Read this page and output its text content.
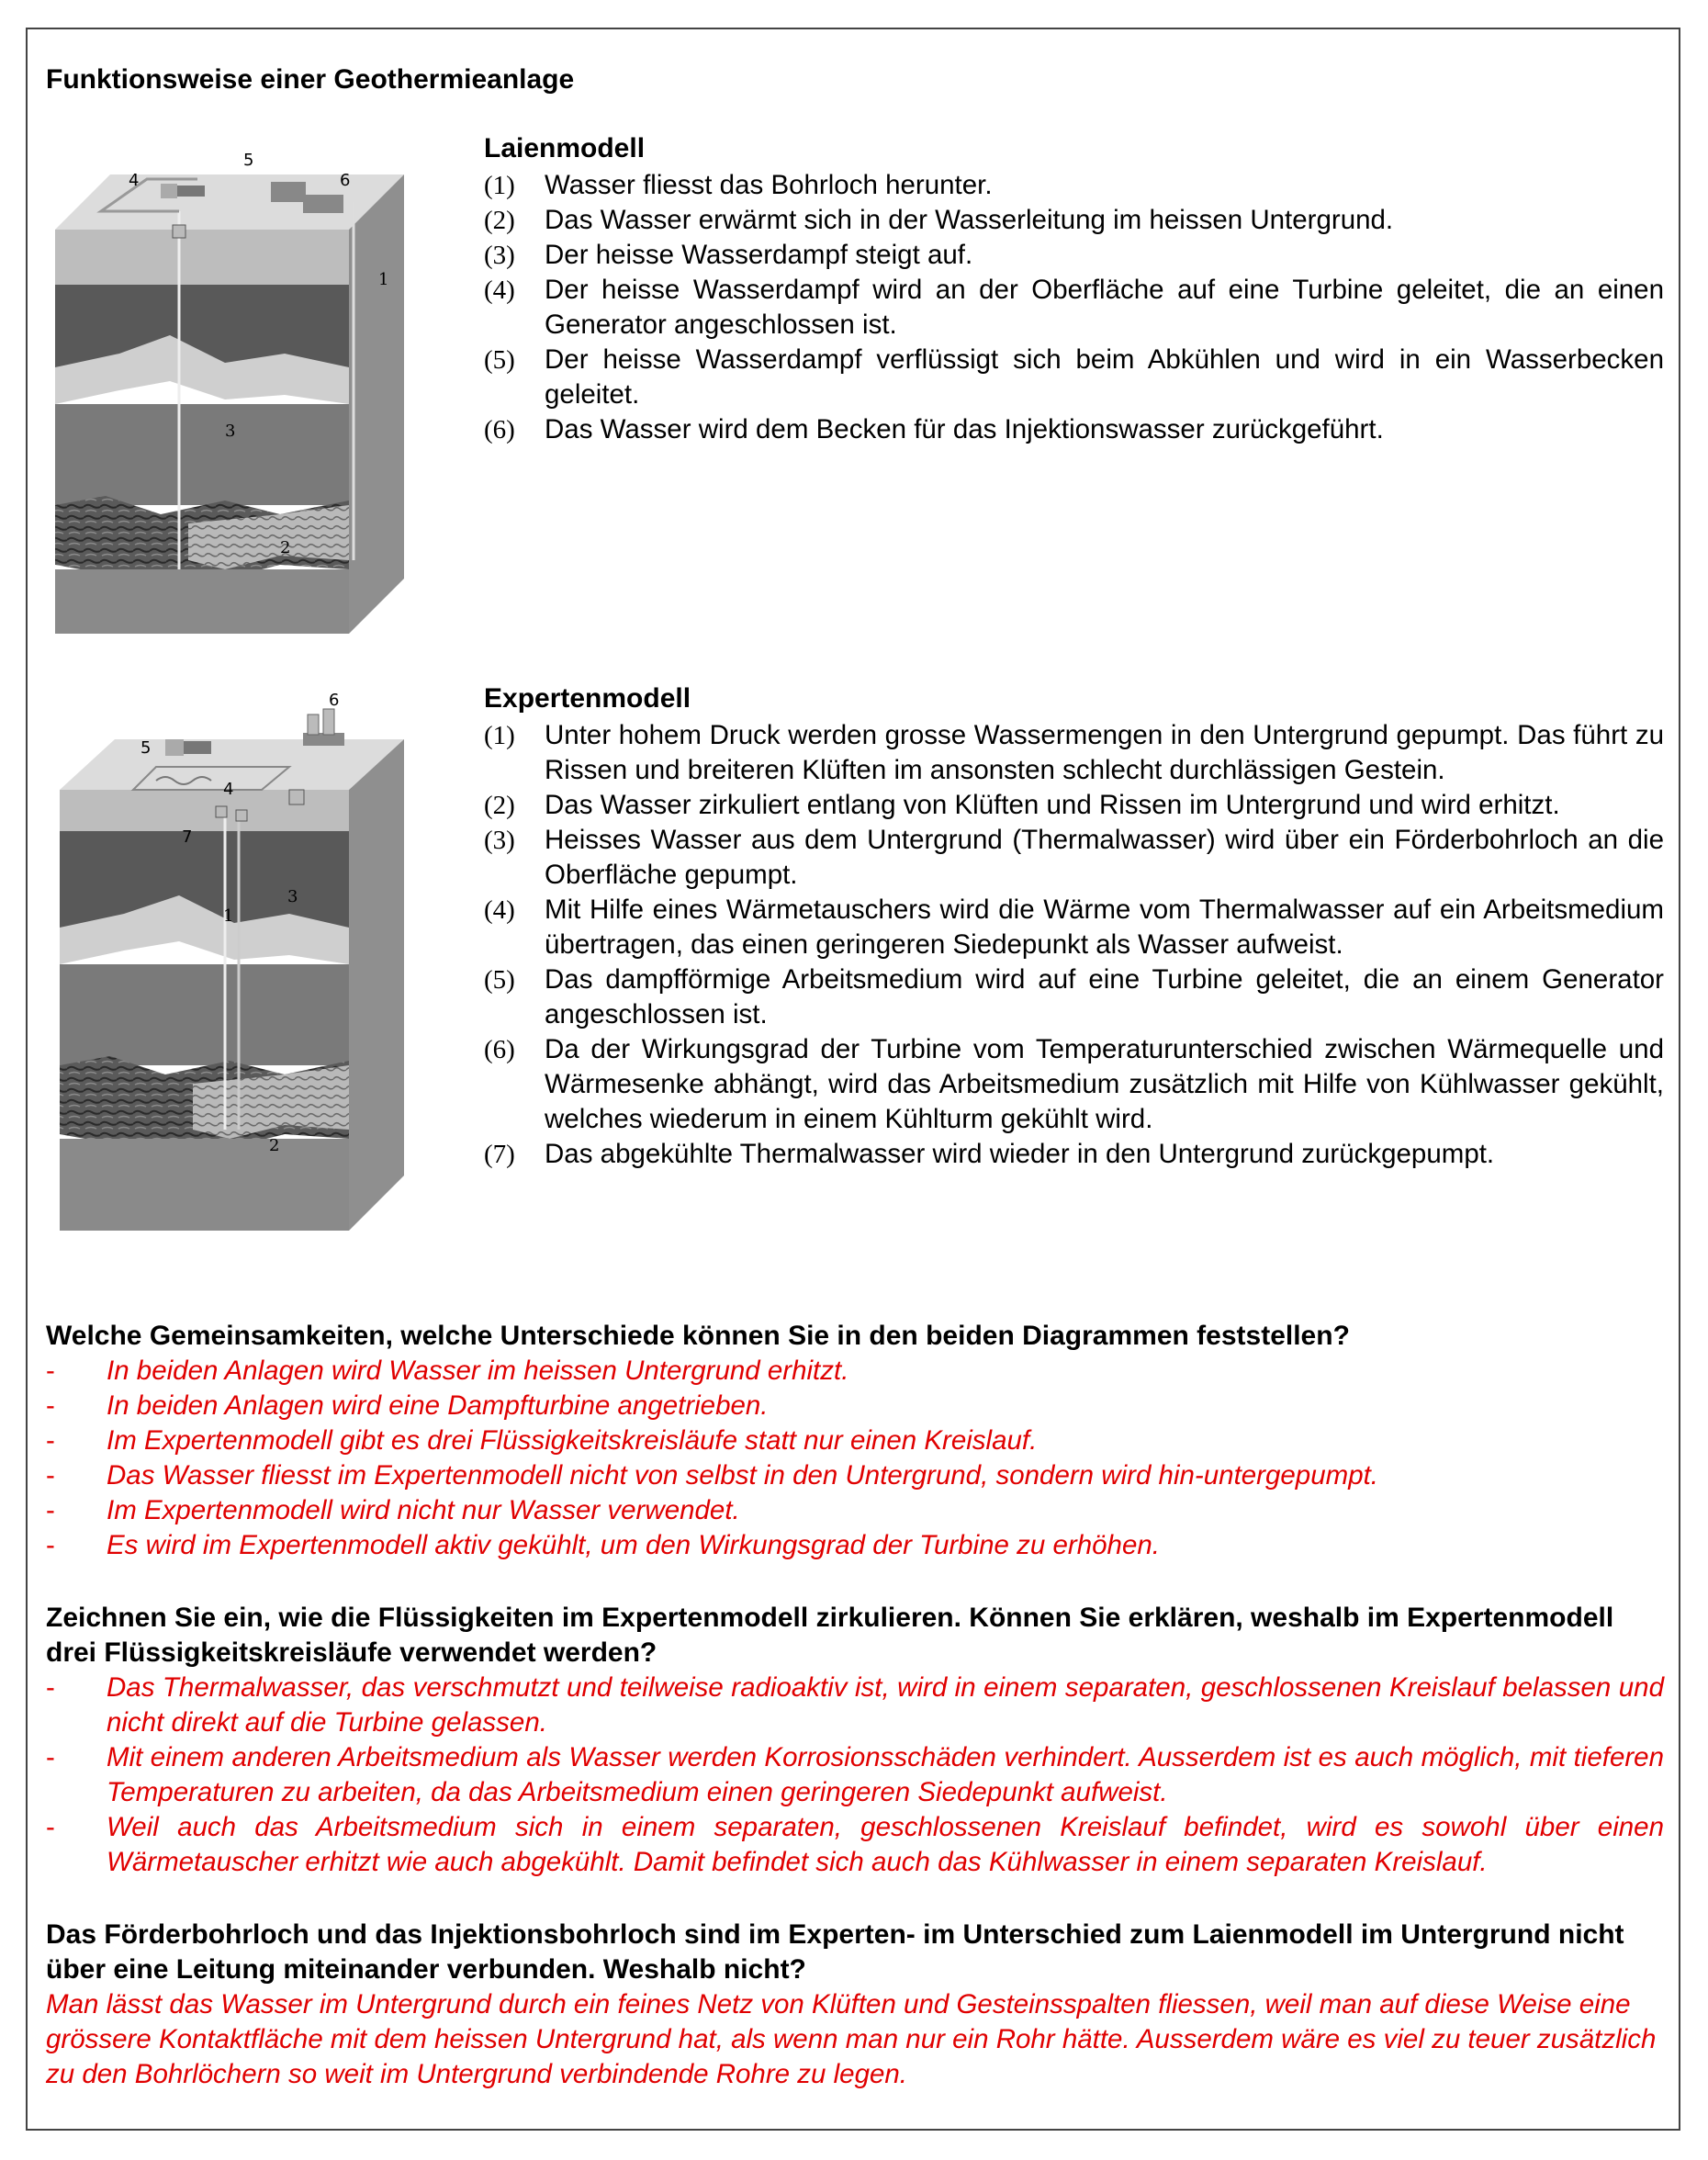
Funktionsweise einer Geothermieanlage
4
5
6
1
3
2
Laienmodell
(1) Wasser fliesst das Bohrloch herunter.
(2) Das Wasser erwärmt sich in der Wasserleitung im heissen Untergrund.
(3) Der heisse Wasserdampf steigt auf.
(4) Der heisse Wasserdampf wird an der Oberfläche auf eine Turbine geleitet, die an einen Generator angeschlossen ist.
(5) Der heisse Wasserdampf verflüssigt sich beim Abkühlen und wird in ein Wasserbecken geleitet.
(6) Das Wasser wird dem Becken für das Injektionswasser zurückgeführt.
5
6
4
7
1
3
2
Expertenmodell
(1) Unter hohem Druck werden grosse Wassermengen in den Untergrund gepumpt. Das führt zu Rissen und breiteren Klüften im ansonsten schlecht durchlässigen Gestein.
(2) Das Wasser zirkuliert entlang von Klüften und Rissen im Untergrund und wird erhitzt.
(3) Heisses Wasser aus dem Untergrund (Thermalwasser) wird über ein Förderbohrloch an die Oberfläche gepumpt.
(4) Mit Hilfe eines Wärmetauschers wird die Wärme vom Thermalwasser auf ein Arbeitsmedium übertragen, das einen geringeren Siedepunkt als Wasser aufweist.
(5) Das dampfförmige Arbeitsmedium wird auf eine Turbine geleitet, die an einem Generator angeschlossen ist.
(6) Da der Wirkungsgrad der Turbine vom Temperaturunterschied zwischen Wärmequelle und Wärmesenke abhängt, wird das Arbeitsmedium zusätzlich mit Hilfe von Kühlwasser gekühlt, welches wiederum in einem Kühlturm gekühlt wird.
(7) Das abgekühlte Thermalwasser wird wieder in den Untergrund zurückgepumpt.

Welche Gemeinsamkeiten, welche Unterschiede können Sie in den beiden Diagrammen feststellen?

- In beiden Anlagen wird Wasser im heissen Untergrund erhitzt.
- In beiden Anlagen wird eine Dampfturbine angetrieben.
- Im Expertenmodell gibt es drei Flüssigkeitskreisläufe statt nur einen Kreislauf.
- Das Wasser fliesst im Expertenmodell nicht von selbst in den Untergrund, sondern wird hin-untergepumpt.
- Im Expertenmodell wird nicht nur Wasser verwendet.
- Es wird im Expertenmodell aktiv gekühlt, um den Wirkungsgrad der Turbine zu erhöhen.

Zeichnen Sie ein, wie die Flüssigkeiten im Expertenmodell zirkulieren. Können Sie erklären, weshalb im Expertenmodell drei Flüssigkeitskreisläufe verwendet werden?

- Das Thermalwasser, das verschmutzt und teilweise radioaktiv ist, wird in einem separaten, geschlossenen Kreislauf belassen und nicht direkt auf die Turbine gelassen.
- Mit einem anderen Arbeitsmedium als Wasser werden Korrosionsschäden verhindert. Ausserdem ist es auch möglich, mit tieferen Temperaturen zu arbeiten, da das Arbeitsmedium einen geringeren Siedepunkt aufweist.
- Weil auch das Arbeitsmedium sich in einem separaten, geschlossenen Kreislauf befindet, wird es sowohl über einen Wärmetauscher erhitzt wie auch abgekühlt. Damit befindet sich auch das Kühlwasser in einem separaten Kreislauf.

Das Förderbohrloch und das Injektionsbohrloch sind im Experten- im Unterschied zum Laienmodell im Untergrund nicht über eine Leitung miteinander verbunden. Weshalb nicht?

Man lässt das Wasser im Untergrund durch ein feines Netz von Klüften und Gesteinsspalten fliessen, weil man auf diese Weise eine grössere Kontaktfläche mit dem heissen Untergrund hat, als wenn man nur ein Rohr hätte. Ausserdem wäre es viel zu teuer zusätzlich zu den Bohrlöchern so weit im Untergrund verbindende Rohre zu legen.
